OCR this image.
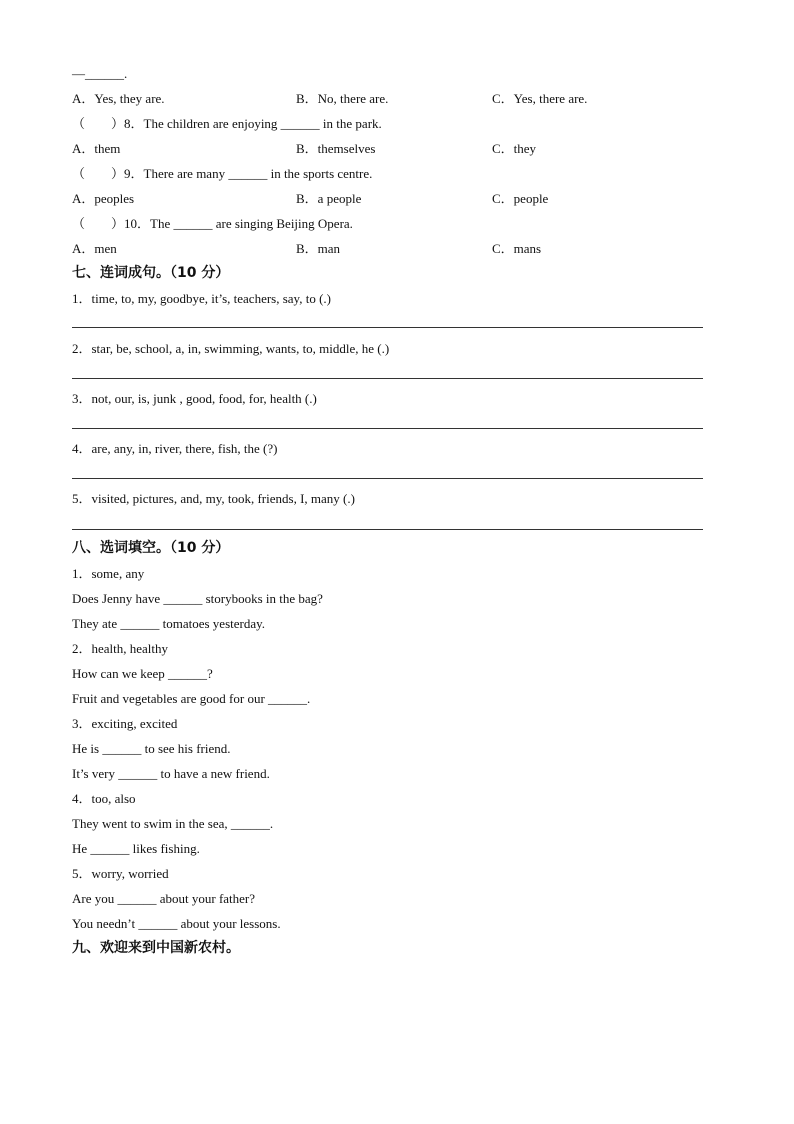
—______.
A．Yes, they are.	B．No, there are.	C．Yes, there are.
（　　）8．The children are enjoying ______ in the park.
A．them	B．themselves	C．they
（　　）9．There are many ______ in the sports centre.
A．peoples	B．a people	C．people
（　　）10．The ______ are singing Beijing Opera.
A．men	B．man	C．mans
七、连词成句。（10 分）
1．time, to, my, goodbye, it’s, teachers, say, to (.)
2．star, be, school, a, in, swimming, wants, to, middle, he (.)
3．not, our, is, junk , good, food, for, health (.)
4．are, any, in, river, there, fish, the (?)
5．visited, pictures, and, my, took, friends, I, many (.)
八、选词填空。（10 分）
1．some, any
Does Jenny have ______ storybooks in the bag?
They ate ______ tomatoes yesterday.
2．health, healthy
How can we keep ______?
Fruit and vegetables are good for our ______.
3．exciting, excited
He is ______ to see his friend.
It’s very ______ to have a new friend.
4．too, also
They went to swim in the sea, ______.
He ______ likes fishing.
5．worry, worried
Are you ______ about your father?
You needn’t ______ about your lessons.
九、欢迎来到中国新农村。
